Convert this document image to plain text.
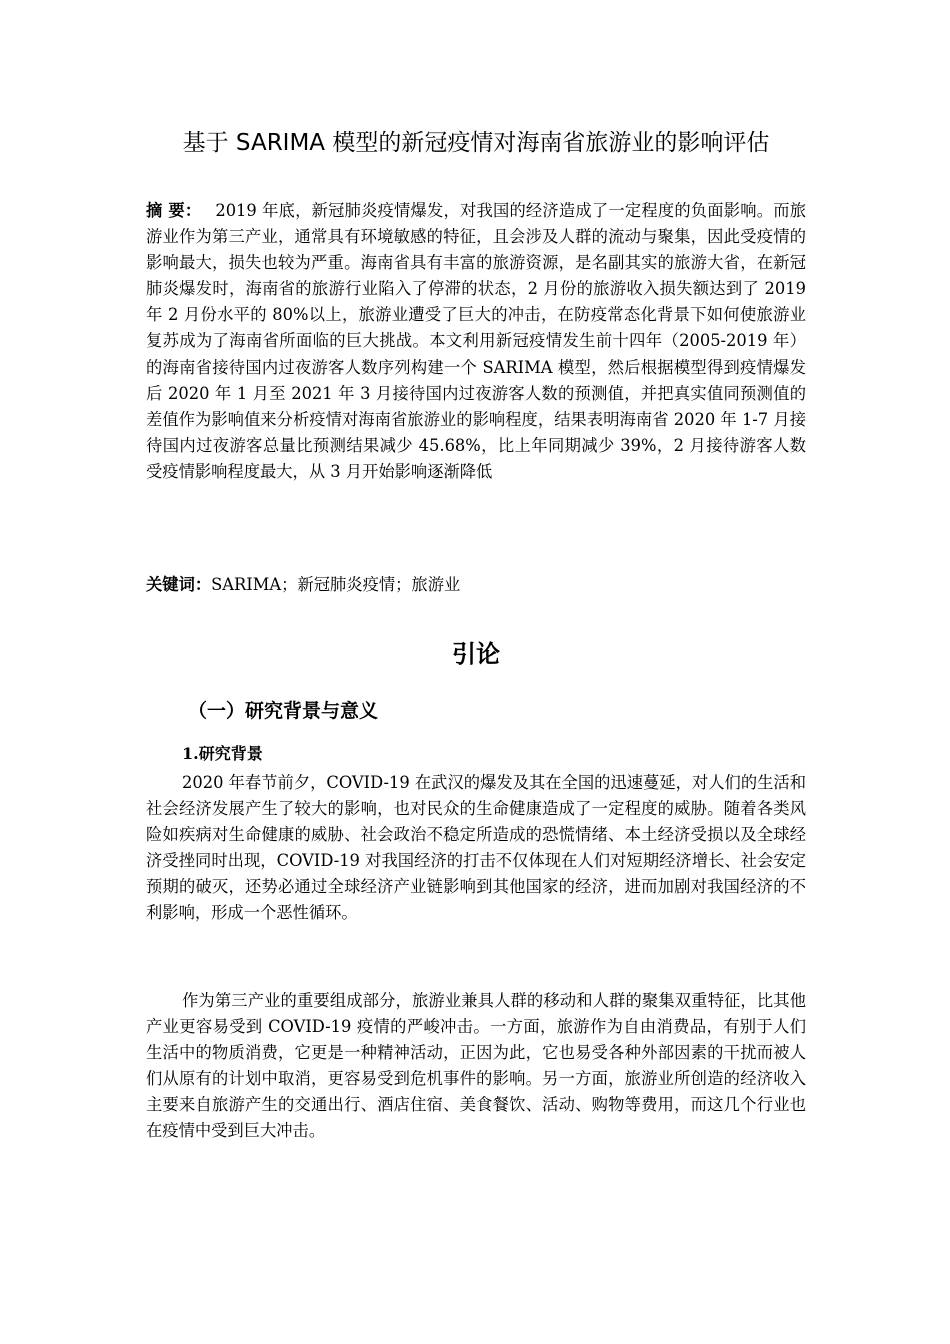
基于 SARIMA 模型的新冠疫情对海南省旅游业的影响评估
摘 要： 2019 年底，新冠肺炎疫情爆发，对我国的经济造成了一定程度的负面影响。而旅游业作为第三产业，通常具有环境敏感的特征，且会涉及人群的流动与聚集，因此受疫情的影响最大，损失也较为严重。海南省具有丰富的旅游资源，是名副其实的旅游大省，在新冠肺炎爆发时，海南省的旅游行业陷入了停滞的状态，2 月份的旅游收入损失额达到了 2019 年 2 月份水平的 80%以上，旅游业遭受了巨大的冲击，在防疫常态化背景下如何使旅游业复苏成为了海南省所面临的巨大挑战。本文利用新冠疫情发生前十四年（2005-2019 年）的海南省接待国内过夜游客人数序列构建一个 SARIMA 模型，然后根据模型得到疫情爆发后 2020 年 1 月至 2021 年 3 月接待国内过夜游客人数的预测值，并把真实值同预测值的差值作为影响值来分析疫情对海南省旅游业的影响程度，结果表明海南省 2020 年 1-7 月接待国内过夜游客总量比预测结果减少 45.68%，比上年同期减少 39%，2 月接待游客人数受疫情影响程度最大，从 3 月开始影响逐渐降低
关键词：SARIMA；新冠肺炎疫情；旅游业
引论
（一）研究背景与意义
1.研究背景
2020 年春节前夕，COVID-19 在武汉的爆发及其在全国的迅速蔓延，对人们的生活和社会经济发展产生了较大的影响，也对民众的生命健康造成了一定程度的威胁。随着各类风险如疾病对生命健康的威胁、社会政治不稳定所造成的恐慌情绪、本土经济受损以及全球经济受挫同时出现，COVID-19 对我国经济的打击不仅体现在人们对短期经济增长、社会安定预期的破灭，还势必通过全球经济产业链影响到其他国家的经济，进而加剧对我国经济的不利影响，形成一个恶性循环。
作为第三产业的重要组成部分，旅游业兼具人群的移动和人群的聚集双重特征，比其他产业更容易受到 COVID-19 疫情的严峻冲击。一方面，旅游作为自由消费品，有别于人们生活中的物质消费，它更是一种精神活动，正因为此，它也易受各种外部因素的干扰而被人们从原有的计划中取消，更容易受到危机事件的影响。另一方面，旅游业所创造的经济收入主要来自旅游产生的交通出行、酒店住宿、美食餐饮、活动、购物等费用，而这几个行业也在疫情中受到巨大冲击。
